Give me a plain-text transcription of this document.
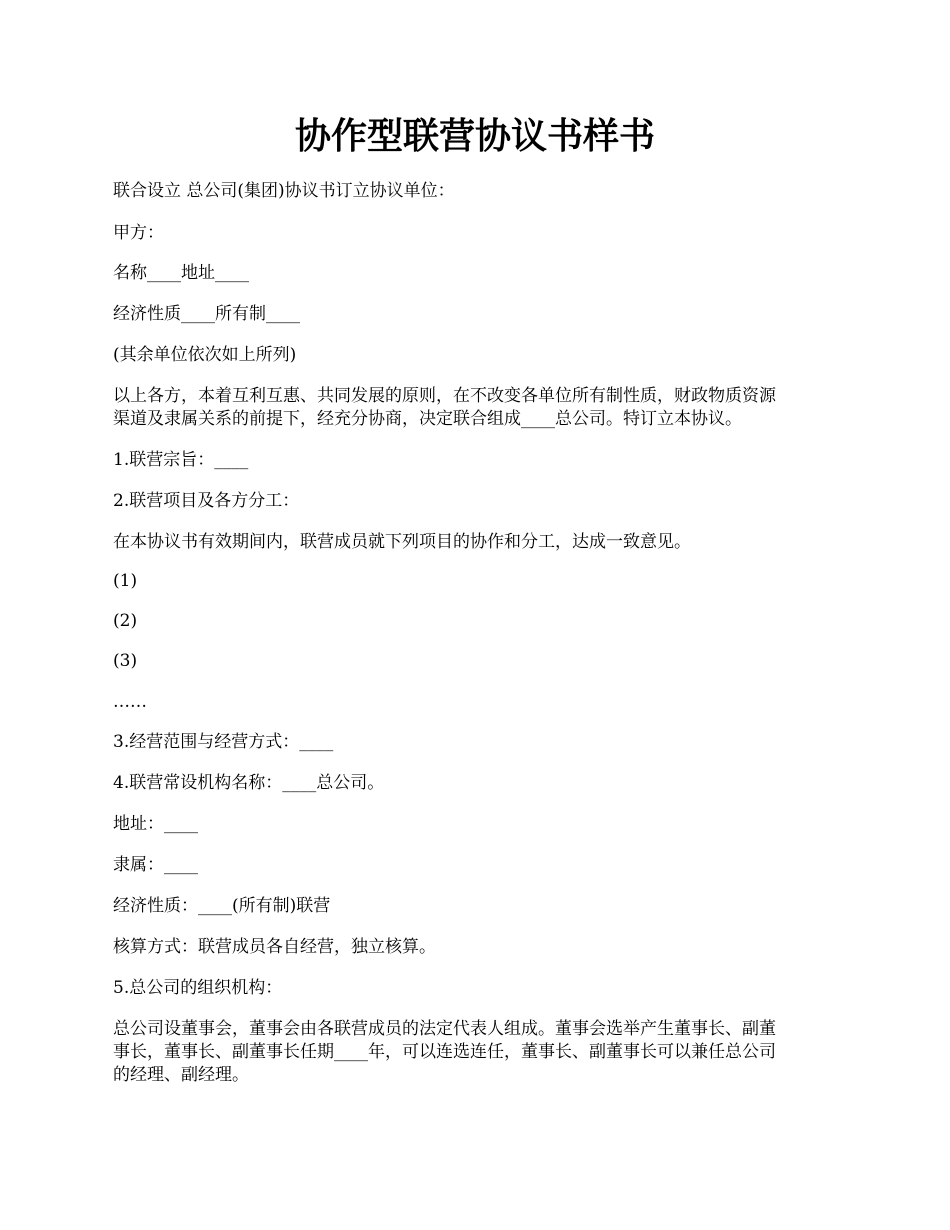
协作型联营协议书样书

联合设立 总公司(集团)协议书订立协议单位：

甲方：

名称____地址____

经济性质____所有制____

(其余单位依次如上所列)

以上各方，本着互利互惠、共同发展的原则，在不改变各单位所有制性质，财政物质资源
渠道及隶属关系的前提下，经充分协商，决定联合组成____总公司。特订立本协议。

1.联营宗旨：____

2.联营项目及各方分工：

在本协议书有效期间内，联营成员就下列项目的协作和分工，达成一致意见。

(1)

(2)

(3)

……

3.经营范围与经营方式：____

4.联营常设机构名称：____总公司。

地址：____

隶属：____

经济性质：____(所有制)联营

核算方式：联营成员各自经营，独立核算。

5.总公司的组织机构：

总公司设董事会，董事会由各联营成员的法定代表人组成。董事会选举产生董事长、副董
事长，董事长、副董事长任期____年，可以连选连任，董事长、副董事长可以兼任总公司
的经理、副经理。
